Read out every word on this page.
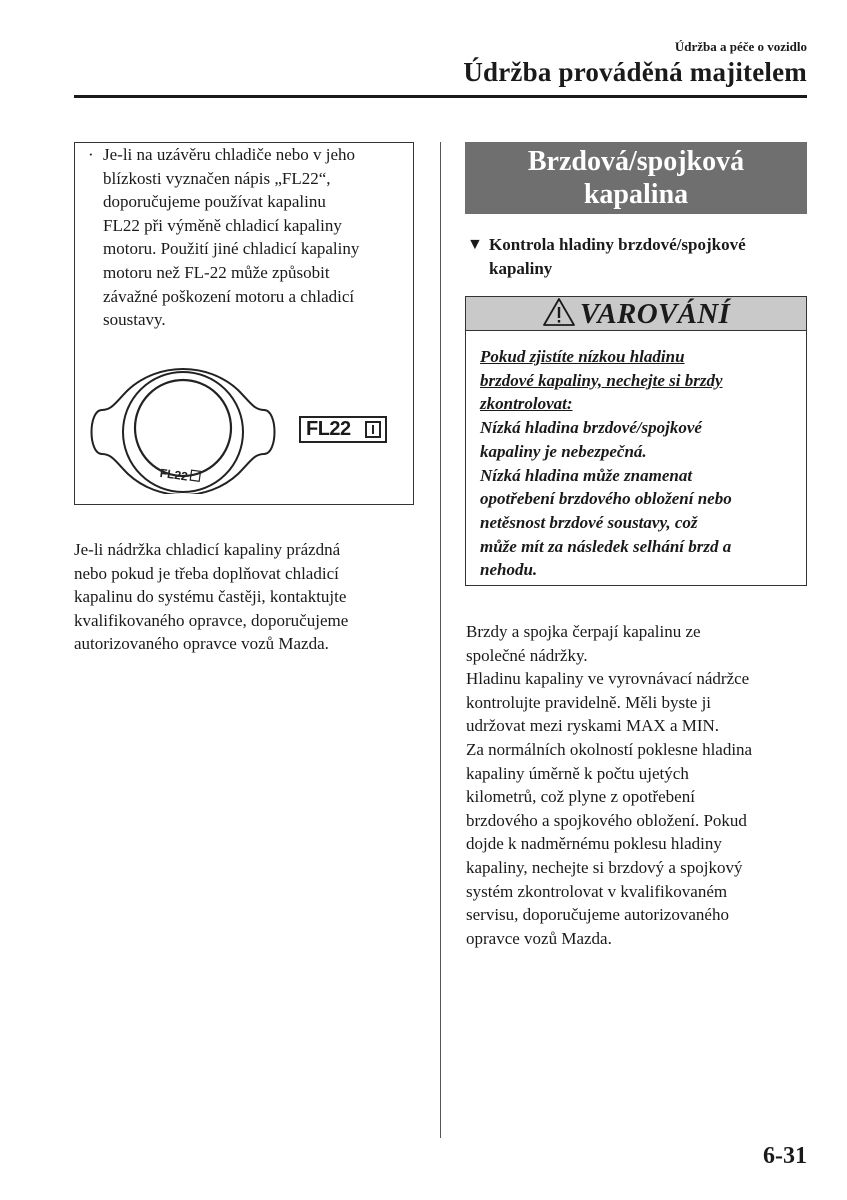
Údržba a péče o vozidlo
Údržba prováděná majitelem
· Je-li na uzávěru chladiče nebo v jeho
blízkosti vyznačen nápis „FL22“,
doporučujeme používat kapalinu
FL22 při výměně chladicí kapaliny
motoru. Použití jiné chladicí kapaliny
motoru než FL-22 může způsobit
závažné poškození motoru a chladicí
soustavy.
FL22
FL22
Je-li nádržka chladicí kapaliny prázdná
nebo pokud je třeba doplňovat chladicí
kapalinu do systému častěji, kontaktujte
kvalifikovaného opravce, doporučujeme
autorizovaného opravce vozů Mazda.
Brzdová/spojková
kapalina
▼ Kontrola hladiny brzdové/spojkové
kapaliny
VAROVÁNÍ
Pokud zjistíte nízkou hladinu
brzdové kapaliny, nechejte si brzdy
zkontrolovat:
Nízká hladina brzdové/spojkové
kapaliny je nebezpečná.
Nízká hladina může znamenat
opotřebení brzdového obložení nebo
netěsnost brzdové soustavy, což
může mít za následek selhání brzd a
nehodu.
Brzdy a spojka čerpají kapalinu ze
společné nádržky.
Hladinu kapaliny ve vyrovnávací nádržce
kontrolujte pravidelně. Měli byste ji
udržovat mezi ryskami MAX a MIN.
Za normálních okolností poklesne hladina
kapaliny úměrně k počtu ujetých
kilometrů, což plyne z opotřebení
brzdového a spojkového obložení. Pokud
dojde k nadměrnému poklesu hladiny
kapaliny, nechejte si brzdový a spojkový
systém zkontrolovat v kvalifikovaném
servisu, doporučujeme autorizovaného
opravce vozů Mazda.
6-31
